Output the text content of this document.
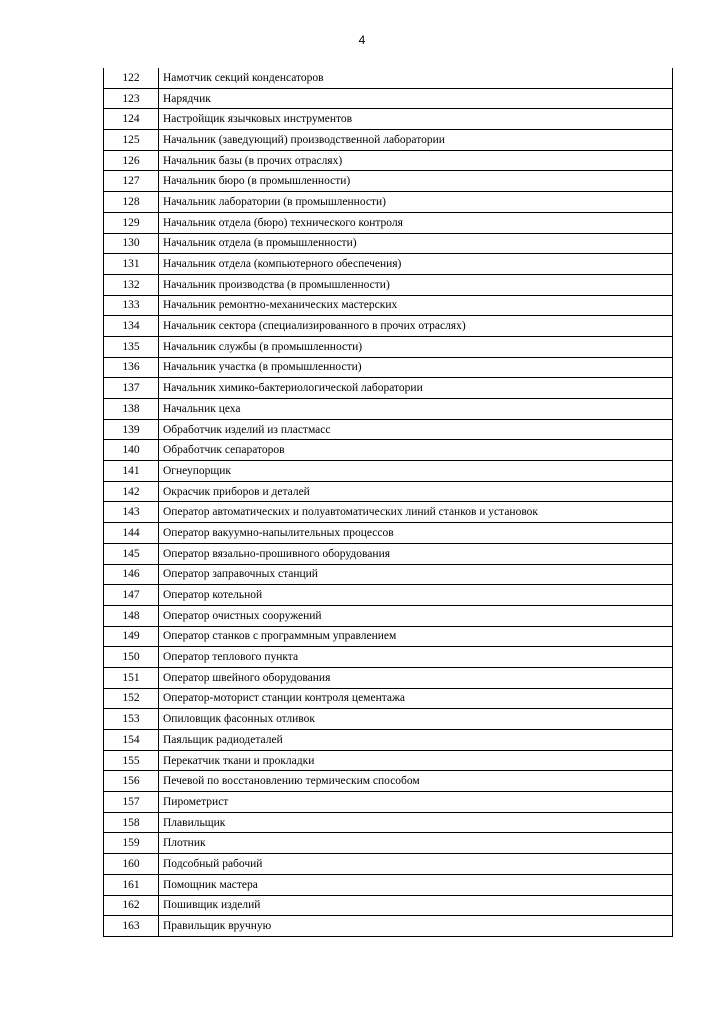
4
122	Намотчик секций конденсаторов
123	Нарядчик
124	Настройщик язычковых инструментов
125	Начальник (заведующий) производственной лаборатории
126	Начальник базы (в прочих отраслях)
127	Начальник бюро (в промышленности)
128	Начальник лаборатории (в промышленности)
129	Начальник отдела (бюро) технического контроля
130	Начальник отдела (в промышленности)
131	Начальник отдела (компьютерного обеспечения)
132	Начальник производства (в промышленности)
133	Начальник ремонтно-механических мастерских
134	Начальник сектора (специализированного в прочих отраслях)
135	Начальник службы (в промышленности)
136	Начальник участка (в промышленности)
137	Начальник химико-бактериологической лаборатории
138	Начальник цеха
139	Обработчик изделий из пластмасс
140	Обработчик сепараторов
141	Огнеупорщик
142	Окрасчик приборов и деталей
143	Оператор автоматических и полуавтоматических линий станков и установок
144	Оператор вакуумно-напылительных процессов
145	Оператор вязально-прошивного оборудования
146	Оператор заправочных станций
147	Оператор котельной
148	Оператор очистных сооружений
149	Оператор станков с программным управлением
150	Оператор теплового пункта
151	Оператор швейного оборудования
152	Оператор-моторист станции контроля цементажа
153	Опиловщик фасонных отливок
154	Паяльщик радиодеталей
155	Перекатчик ткани и прокладки
156	Печевой по восстановлению термическим способом
157	Пирометрист
158	Плавильщик
159	Плотник
160	Подсобный рабочий
161	Помощник мастера
162	Пошивщик изделий
163	Правильщик вручную
